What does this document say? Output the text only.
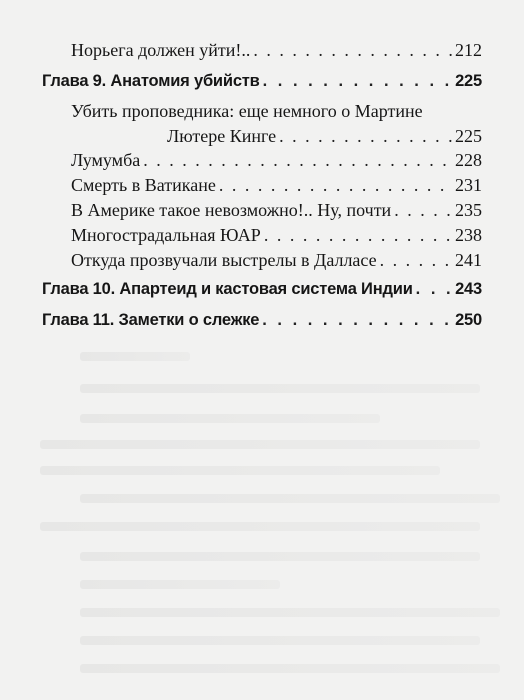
Норьега должен уйти!.. . . .	212
Глава 9. Анатомия убийств . . .	225
Убить проповедника: еще немного о Мартине
Лютере Кинге . . .	225
Лумумба . . .	228
Смерть в Ватикане . . .	231
В Америке такое невозможно!.. Ну, почти . . .	235
Многострадальная ЮАР . . .	238
Откуда прозвучали выстрелы в Далласе . . .	241
Глава 10. Апартеид и кастовая система Индии . . .	243
Глава 11. Заметки о слежке . . .	250
